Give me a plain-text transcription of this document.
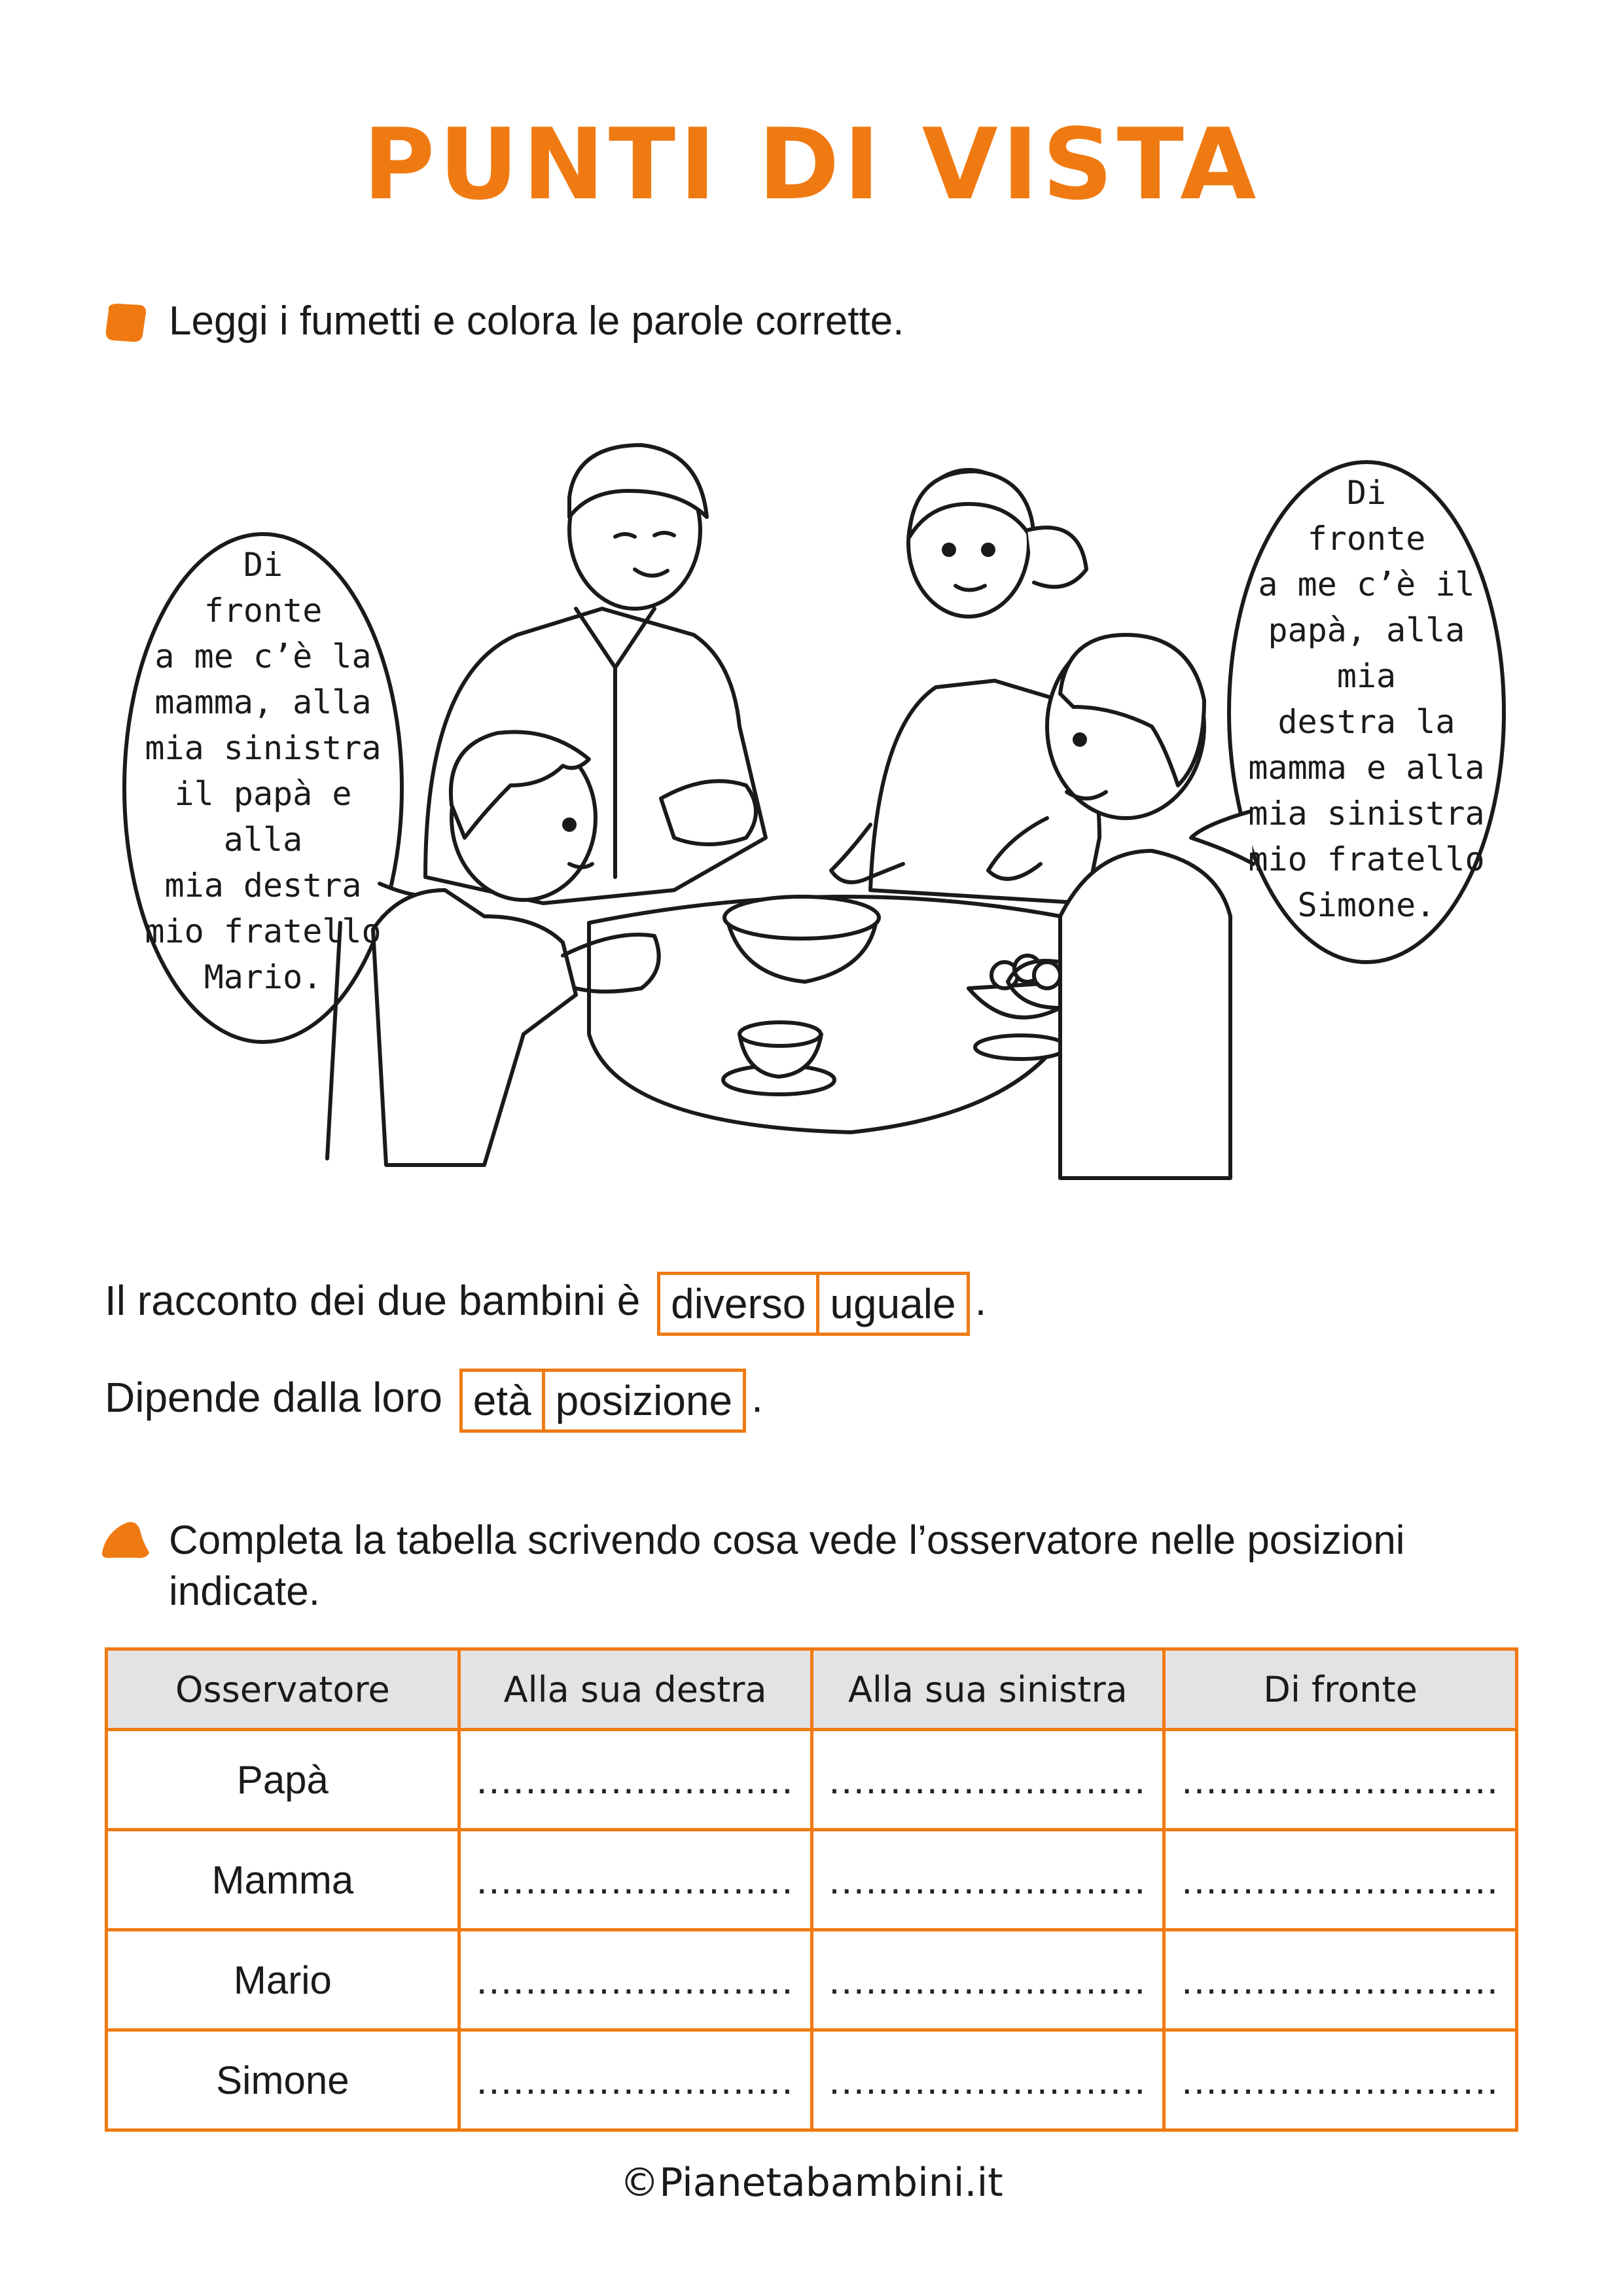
PUNTI DI VISTA
Leggi i fumetti e colora le parole corrette.
Di
fronte
a me c’è la
mamma, alla
mia sinistra
il papà e alla
mia destra
mio fratello
Mario.
Di
fronte
a me c’è il
papà, alla mia
destra la
mamma e alla
mia sinistra
mio fratello
Simone.
Il racconto dei due bambini è diverso uguale .
Dipende dalla loro età posizione .
Completa la tabella scrivendo cosa vede l’osservatore nelle posizioni indicate.
Osservatore	Alla sua destra	Alla sua sinistra	Di fronte
Papà	..........................	..........................	..........................
Mamma	..........................	..........................	..........................
Mario	..........................	..........................	..........................
Simone	..........................	..........................	..........................
©Pianetabambini.it
